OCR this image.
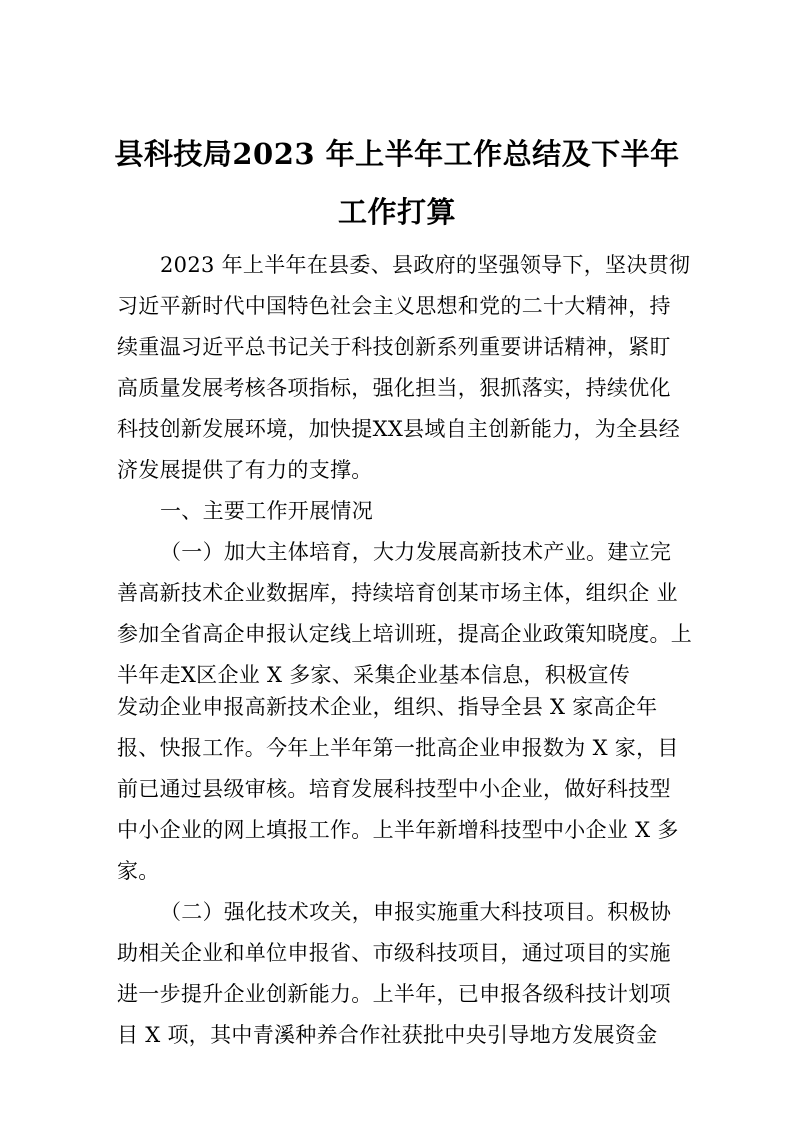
县科技局2023 年上半年工作总结及下半年
工作打算
2023 年上半年在县委、县政府的坚强领导下，坚决贯彻
习近平新时代中国特色社会主义思想和党的二十大精神，持
续重温习近平总书记关于科技创新系列重要讲话精神，紧盯
高质量发展考核各项指标，强化担当，狠抓落实，持续优化
科技创新发展环境，加快提XX县域自主创新能力，为全县经
济发展提供了有力的支撑。
一、主要工作开展情况
（一）加大主体培育，大力发展高新技术产业。建立完
善高新技术企业数据库，持续培育创某市场主体，组织企 业
参加全省高企申报认定线上培训班，提高企业政策知晓度。上
半年走X区企业 X 多家、采集企业基本信息，积极宣传
发动企业申报高新技术企业，组织、指导全县 X 家高企年
报、快报工作。今年上半年第一批高企业申报数为 X 家，目
前已通过县级审核。培育发展科技型中小企业，做好科技型
中小企业的网上填报工作。上半年新增科技型中小企业 X 多
家。
（二）强化技术攻关，申报实施重大科技项目。积极协
助相关企业和单位申报省、市级科技项目，通过项目的实施
进一步提升企业创新能力。上半年，已申报各级科技计划项
目 X 项，其中青溪种养合作社获批中央引导地方发展资金
